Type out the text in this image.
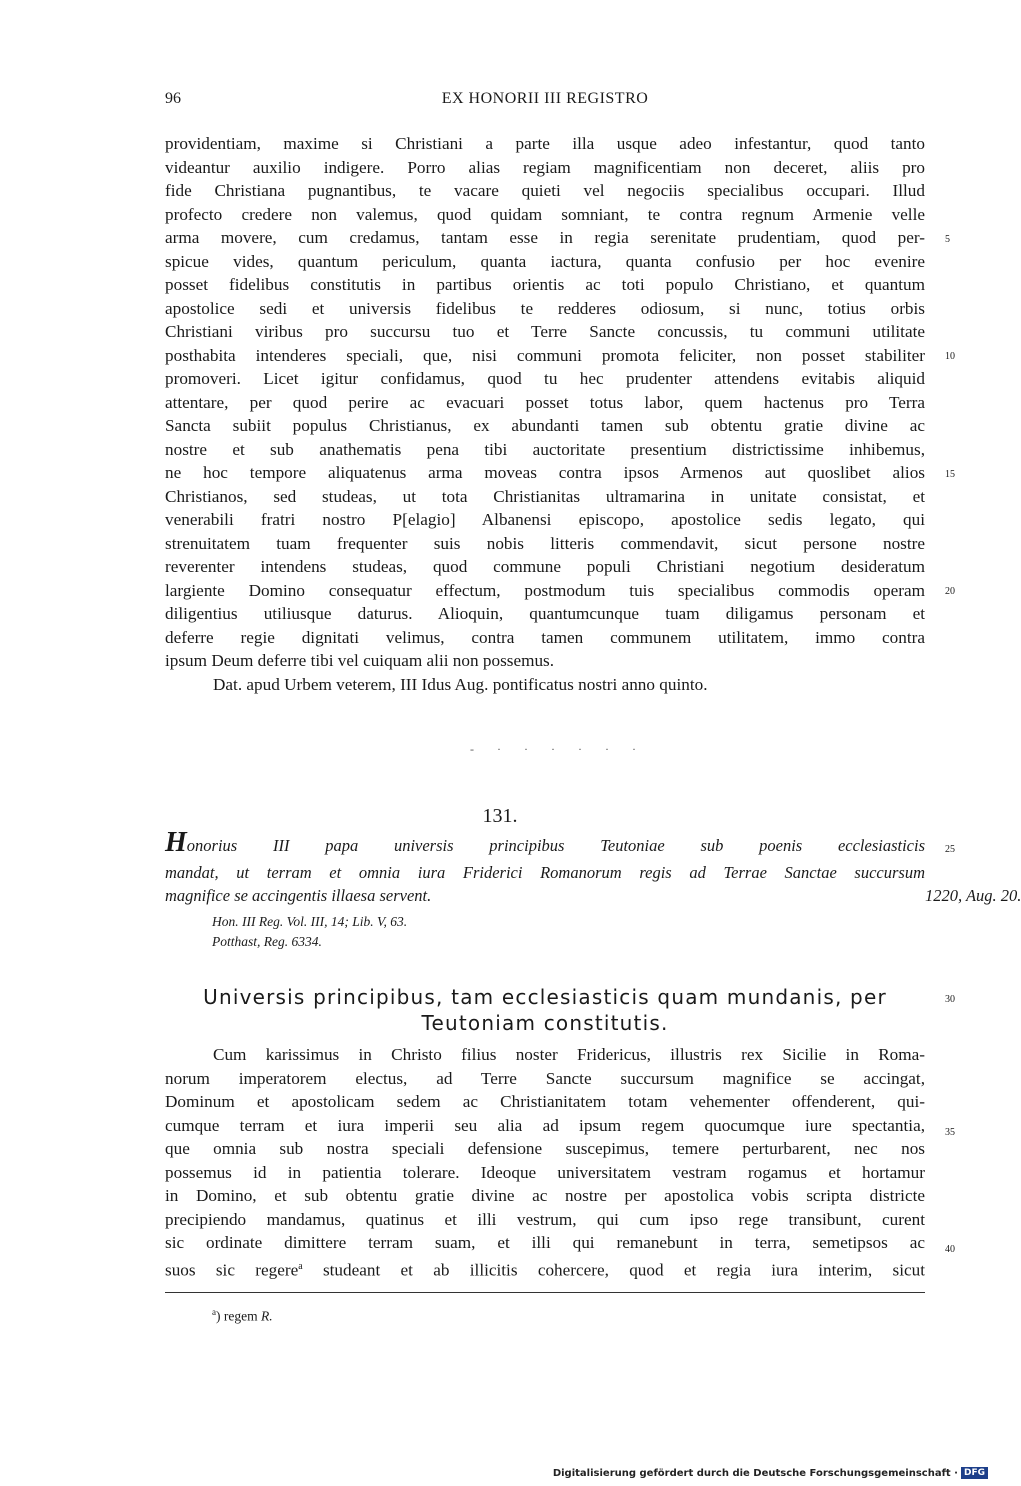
EX HONORII III REGISTRO
96
providentiam, maxime si Christiani a parte illa usque adeo infestantur, quod tanto
videantur auxilio indigere. Porro alias regiam magnificentiam non deceret, aliis pro
fide Christiana pugnantibus, te vacare quieti vel negociis specialibus occupari. Illud
profecto credere non valemus, quod quidam somniant, te contra regnum Armenie velle
arma movere, cum credamus, tantam esse in regia serenitate prudentiam, quod per-
spicue vides, quantum periculum, quanta iactura, quanta confusio per hoc evenire
posset fidelibus constitutis in partibus orientis ac toti populo Christiano, et quantum
apostolice sedi et universis fidelibus te redderes odiosum, si nunc, totius orbis
Christiani viribus pro succursu tuo et Terre Sancte concussis, tu communi utilitate
posthabita intenderes speciali, que, nisi communi promota feliciter, non posset stabiliter
promoveri. Licet igitur confidamus, quod tu hec prudenter attendens evitabis aliquid
attentare, per quod perire ac evacuari posset totus labor, quem hactenus pro Terra
Sancta subiit populus Christianus, ex abundanti tamen sub obtentu gratie divine ac
nostre et sub anathematis pena tibi auctoritate presentium districtissime inhibemus,
ne hoc tempore aliquatenus arma moveas contra ipsos Armenos aut quoslibet alios
Christianos, sed studeas, ut tota Christianitas ultramarina in unitate consistat, et
venerabili fratri nostro P[elagio] Albanensi episcopo, apostolice sedis legato, qui
strenuitatem tuam frequenter suis nobis litteris commendavit, sicut persone nostre
reverenter intendens studeas, quod commune populi Christiani negotium desideratum
largiente Domino consequatur effectum, postmodum tuis specialibus commodis operam
diligentius utiliusque daturus. Alioquin, quantumcunque tuam diligamus personam et
deferre regie dignitati velimus, contra tamen communem utilitatem, immo contra
ipsum Deum deferre tibi vel cuiquam alii non possemus.
Dat. apud Urbem veterem, III Idus Aug. pontificatus nostri anno quinto.
5
10
15
20
25
30
35
40
- · · · · · ·
131.
Honorius III papa universis principibus Teutoniae sub poenis ecclesiasticis
mandat, ut terram et omnia iura Friderici Romanorum regis ad Terrae Sanctae succursum
magnifice se accingentis illaesa servent.	1220, Aug. 20.
Hon. III Reg. Vol. III, 14; Lib. V, 63.
Potthast, Reg. 6334.
Universis principibus, tam ecclesiasticis quam mundanis, per
Teutoniam constitutis.
Cum karissimus in Christo filius noster Fridericus, illustris rex Sicilie in Roma-
norum imperatorem electus, ad Terre Sancte succursum magnifice se accingat,
Dominum et apostolicam sedem ac Christianitatem totam vehementer offenderent, qui-
cumque terram et iura imperii seu alia ad ipsum regem quocumque iure spectantia,
que omnia sub nostra speciali defensione suscepimus, temere perturbarent, nec nos
possemus id in patientia tolerare. Ideoque universitatem vestram rogamus et hortamur
in Domino, et sub obtentu gratie divine ac nostre per apostolica vobis scripta districte
precipiendo mandamus, quatinus et illi vestrum, qui cum ipso rege transibunt, curent
sic ordinate dimittere terram suam, et illi qui remanebunt in terra, semetipsos ac
suos sic regere$^a$ studeant et ab illicitis cohercere, quod et regia iura interim, sicut
$^a$) regem R.
Digitalisierung gefördert durch die Deutsche Forschungsgemeinschaft · DFG
